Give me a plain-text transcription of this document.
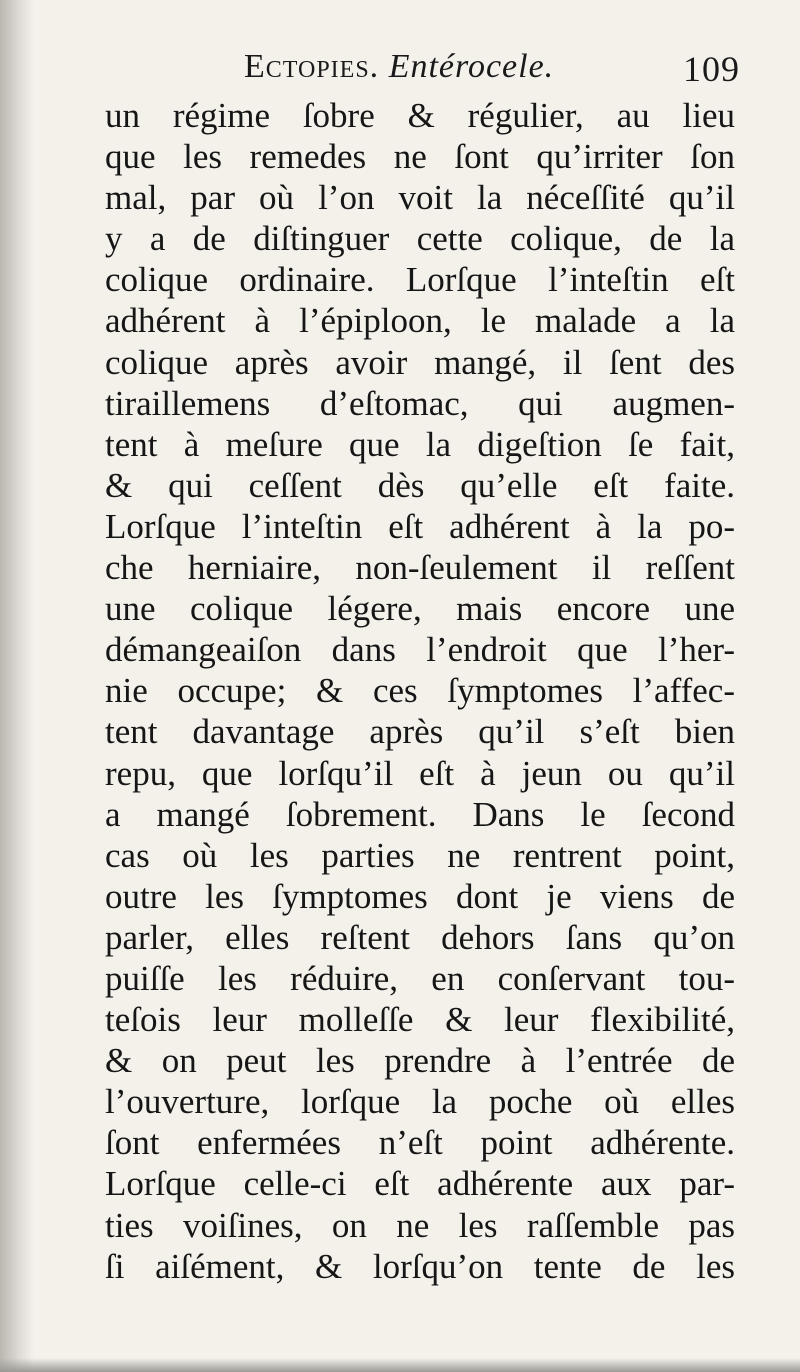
Ectopies. Entérocele.	109
un régime ſobre & régulier, au lieu
que les remedes ne ſont qu’irriter ſon
mal, par où l’on voit la néceſſité qu’il
y a de diſtinguer cette colique, de la
colique ordinaire. Lorſque l’inteſtin eſt
adhérent à l’épiploon, le malade a la
colique après avoir mangé, il ſent des
tiraillemens d’eſtomac, qui augmen-
tent à meſure que la digeſtion ſe fait,
& qui ceſſent dès qu’elle eſt faite.
Lorſque l’inteſtin eſt adhérent à la po-
che herniaire, non-ſeulement il reſſent
une colique légere, mais encore une
démangeaiſon dans l’endroit que l’her-
nie occupe; & ces ſymptomes l’affec-
tent davantage après qu’il s’eſt bien
repu, que lorſqu’il eſt à jeun ou qu’il
a mangé ſobrement. Dans le ſecond
cas où les parties ne rentrent point,
outre les ſymptomes dont je viens de
parler, elles reſtent dehors ſans qu’on
puiſſe les réduire, en conſervant tou-
teſois leur molleſſe & leur flexibilité,
& on peut les prendre à l’entrée de
l’ouverture, lorſque la poche où elles
ſont enfermées n’eſt point adhérente.
Lorſque celle-ci eſt adhérente aux par-
ties voiſines, on ne les raſſemble pas
ſi aiſément, & lorſqu’on tente de les
